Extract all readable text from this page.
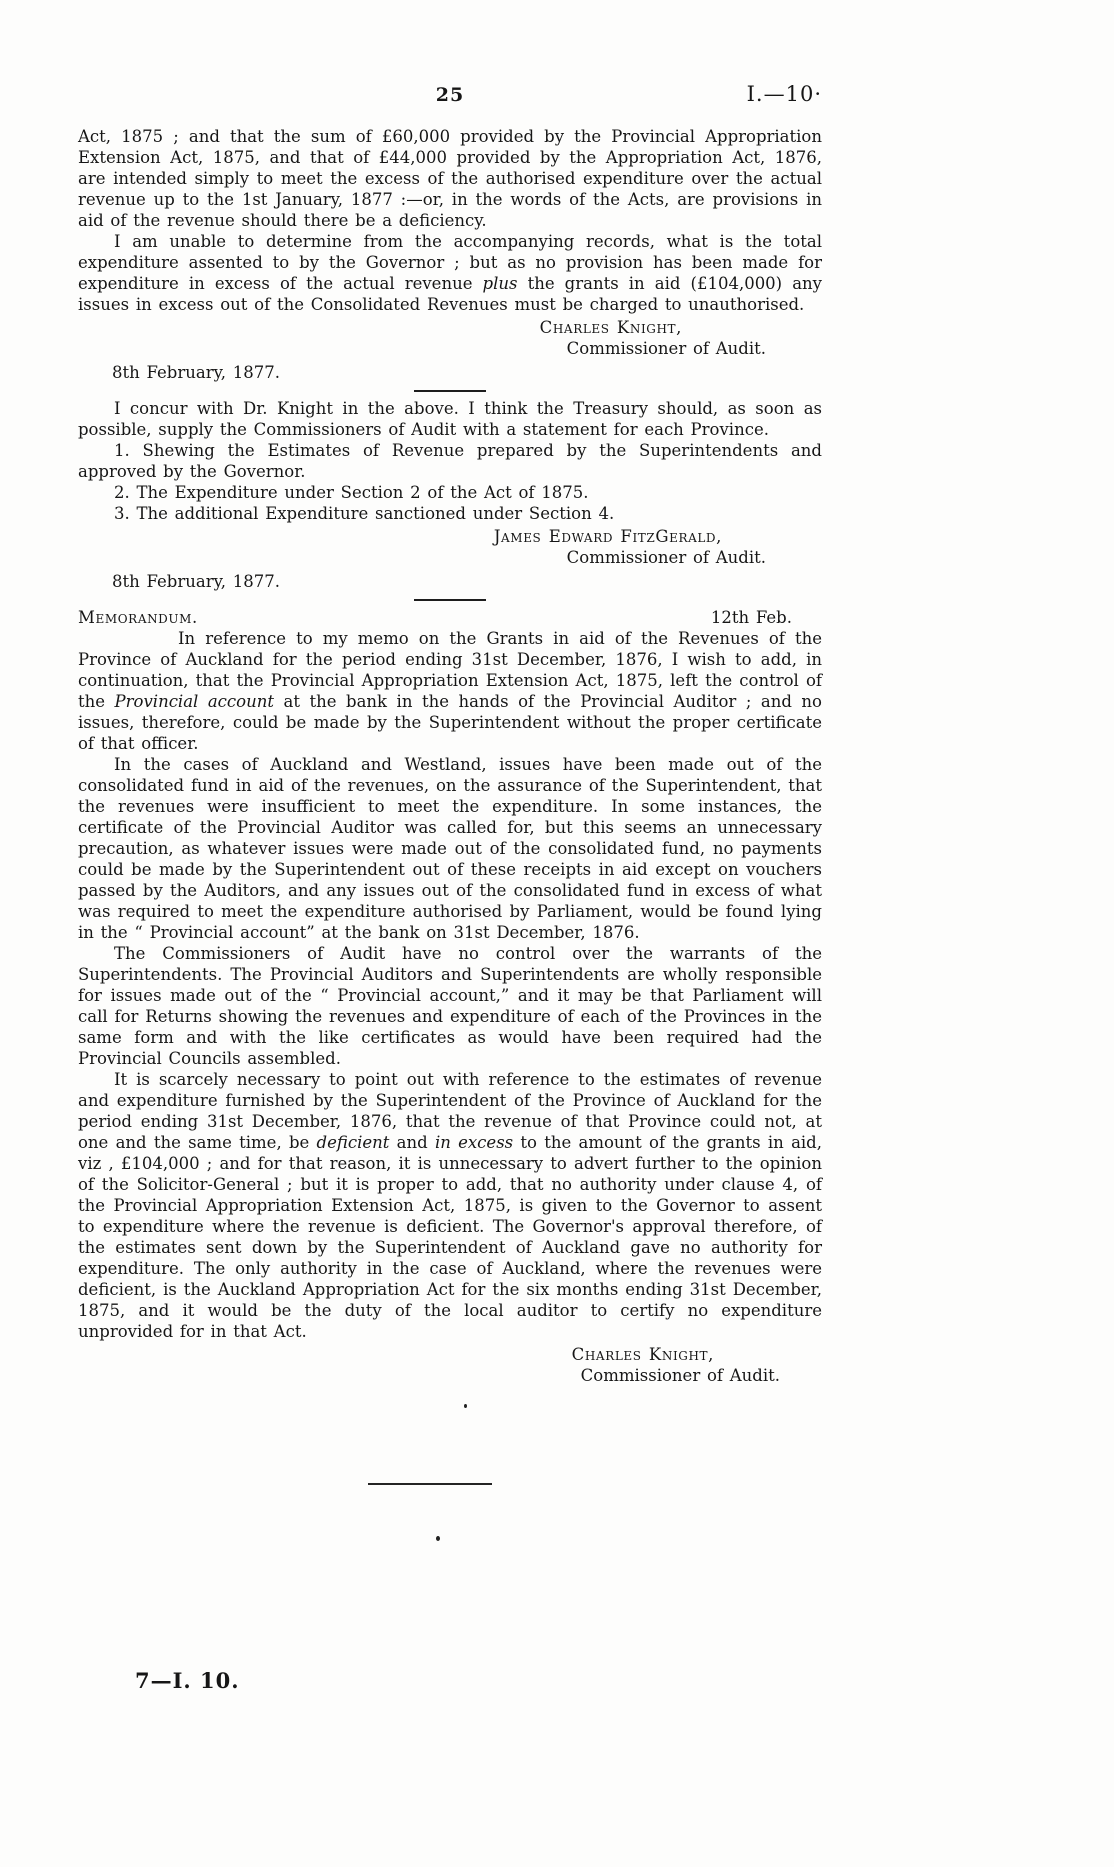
25	I.—10·

Act, 1875 ; and that the sum of £60,000 provided by the Provincial Appropriation Extension Act, 1875, and that of £44,000 provided by the Appropriation Act, 1876, are intended simply to meet the excess of the authorised expenditure over the actual revenue up to the 1st January, 1877 :—or, in the words of the Acts, are provisions in aid of the revenue should there be a deficiency.

I am unable to determine from the accompanying records, what is the total expenditure assented to by the Governor ; but as no provision has been made for expenditure in excess of the actual revenue plus the grants in aid (£104,000) any issues in excess out of the Consolidated Revenues must be charged to unauthorised.

Charles Knight,

Commissioner of Audit.

8th February, 1877.

I concur with Dr. Knight in the above. I think the Treasury should, as soon as possible, supply the Commissioners of Audit with a statement for each Province.

1. Shewing the Estimates of Revenue prepared by the Superintendents and approved by the Governor.

2. The Expenditure under Section 2 of the Act of 1875.

3. The additional Expenditure sanctioned under Section 4.

James Edward FitzGerald,

Commissioner of Audit.

8th February, 1877.

Memorandum.	12th Feb.

In reference to my memo on the Grants in aid of the Revenues of the Province of Auckland for the period ending 31st December, 1876, I wish to add, in continuation, that the Provincial Appropriation Extension Act, 1875, left the control of the Provincial account at the bank in the hands of the Provincial Auditor ; and no issues, therefore, could be made by the Superintendent without the proper certificate of that officer.

In the cases of Auckland and Westland, issues have been made out of the consolidated fund in aid of the revenues, on the assurance of the Superintendent, that the revenues were insufficient to meet the expenditure. In some instances, the certificate of the Provincial Auditor was called for, but this seems an unnecessary precaution, as whatever issues were made out of the consolidated fund, no payments could be made by the Superintendent out of these receipts in aid except on vouchers passed by the Auditors, and any issues out of the consolidated fund in excess of what was required to meet the expenditure authorised by Parliament, would be found lying in the “ Provincial account” at the bank on 31st December, 1876.

The Commissioners of Audit have no control over the warrants of the Superintendents. The Provincial Auditors and Superintendents are wholly responsible for issues made out of the “ Provincial account,” and it may be that Parliament will call for Returns showing the revenues and expenditure of each of the Provinces in the same form and with the like certificates as would have been required had the Provincial Councils assembled.

It is scarcely necessary to point out with reference to the estimates of revenue and expenditure furnished by the Superintendent of the Province of Auckland for the period ending 31st December, 1876, that the revenue of that Province could not, at one and the same time, be deficient and in excess to the amount of the grants in aid, viz , £104,000 ; and for that reason, it is unnecessary to advert further to the opinion of the Solicitor-General ; but it is proper to add, that no authority under clause 4, of the Provincial Appropriation Extension Act, 1875, is given to the Governor to assent to expenditure where the revenue is deficient. The Governor's approval therefore, of the estimates sent down by the Superintendent of Auckland gave no authority for expenditure. The only authority in the case of Auckland, where the revenues were deficient, is the Auckland Appropriation Act for the six months ending 31st December, 1875, and it would be the duty of the local auditor to certify no expenditure unprovided for in that Act.

Charles Knight,

Commissioner of Audit.

7—I. 10.
